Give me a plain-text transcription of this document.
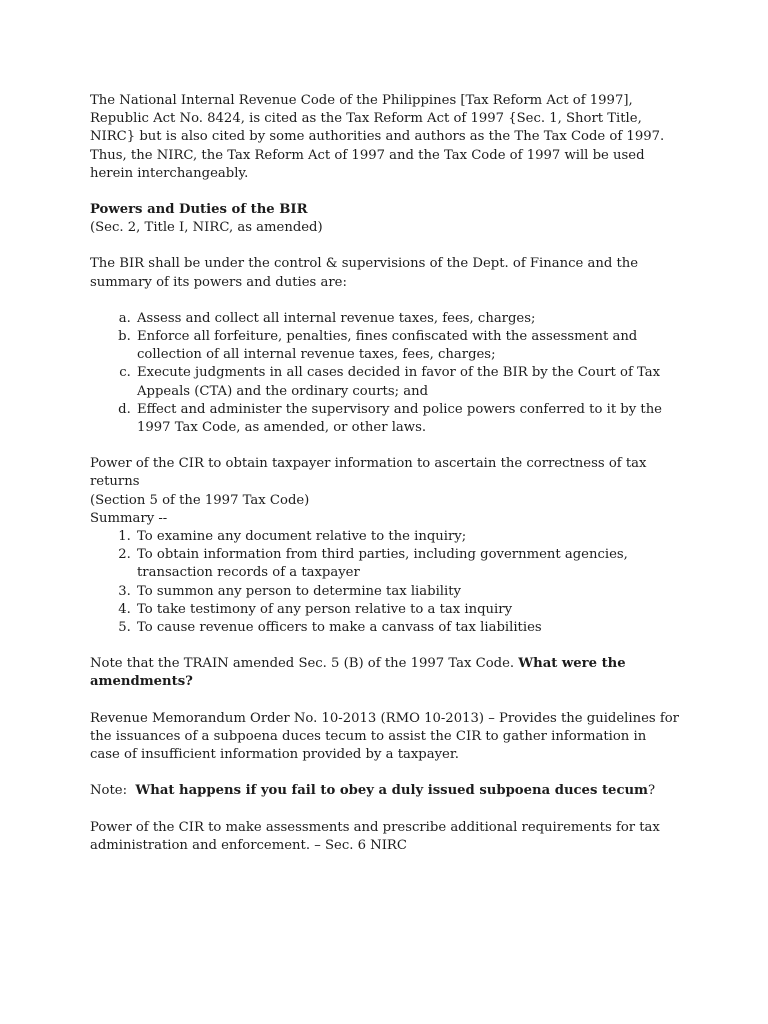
The National Internal Revenue Code of the Philippines [Tax Reform Act of 1997], Republic Act No. 8424, is cited as the Tax Reform Act of 1997 {Sec. 1, Short Title, NIRC} but is also cited by some authorities and authors as the The Tax Code of 1997. Thus, the NIRC, the Tax Reform Act of 1997 and the Tax Code of 1997 will be used herein interchangeably.

Powers and Duties of the BIR

(Sec. 2, Title I, NIRC, as amended)

The BIR shall be under the control & supervisions of the Dept. of Finance and the summary of its powers and duties are:

a. Assess and collect all internal revenue taxes, fees, charges;
b. Enforce all forfeiture, penalties, fines confiscated with the assessment and collection of all internal revenue taxes, fees, charges;
c. Execute judgments in all cases decided in favor of the BIR by the Court of Tax Appeals (CTA) and the ordinary courts; and
d. Effect and administer the supervisory and police powers conferred to it by the 1997 Tax Code, as amended, or other laws.

Power of the CIR to obtain taxpayer information to ascertain the correctness of tax returns

(Section 5 of the 1997 Tax Code)

Summary --

1. To examine any document relative to the inquiry;
2. To obtain information from third parties, including government agencies, transaction records of a taxpayer
3. To summon any person to determine tax liability
4. To take testimony of any person relative to a tax inquiry
5. To cause revenue officers to make a canvass of tax liabilities

Note that the TRAIN amended Sec. 5 (B) of the 1997 Tax Code. What were the amendments?

Revenue Memorandum Order No. 10-2013 (RMO 10-2013) – Provides the guidelines for the issuances of a subpoena duces tecum to assist the CIR to gather information in case of insufficient information provided by a taxpayer.

Note:  What happens if you fail to obey a duly issued subpoena duces tecum?

Power of the CIR to make assessments and prescribe additional requirements for tax administration and enforcement. – Sec. 6 NIRC
